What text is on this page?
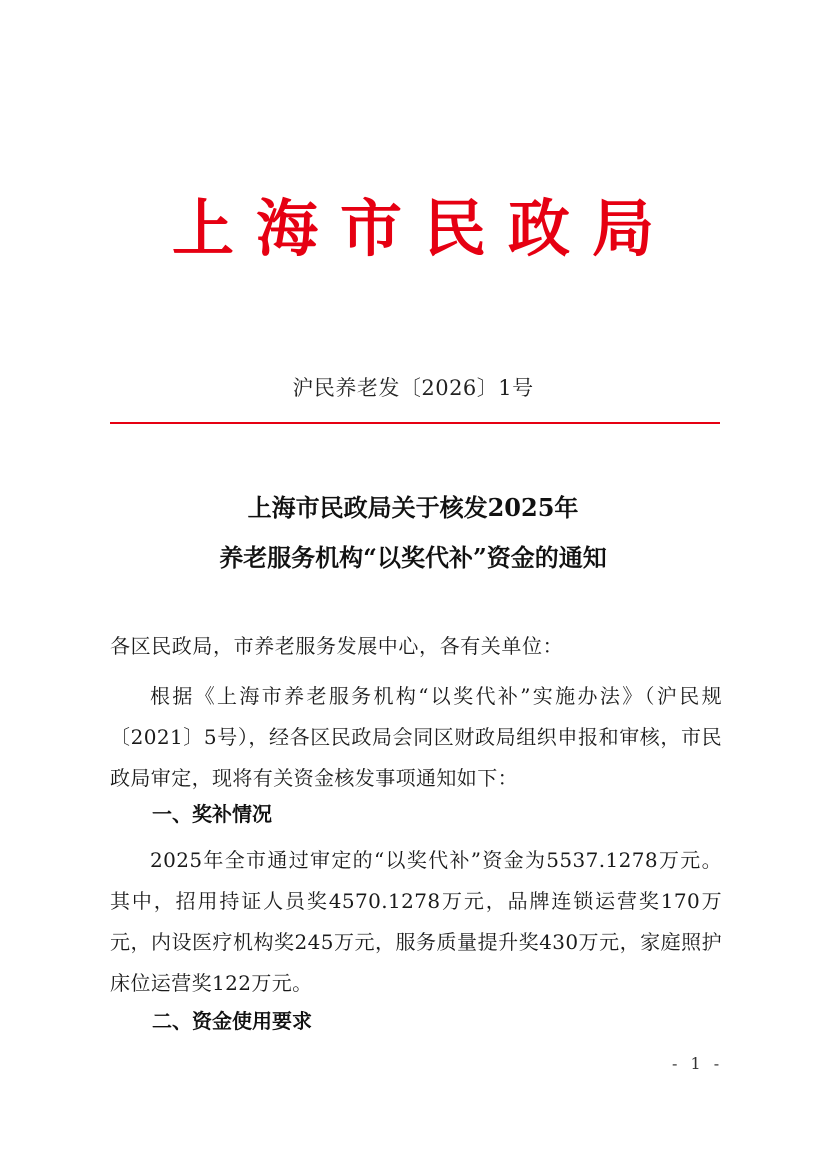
上海市民政局
沪民养老发〔2026〕1号
上海市民政局关于核发2025年
养老服务机构“以奖代补”资金的通知
各区民政局，市养老服务发展中心，各有关单位：
根据《上海市养老服务机构“以奖代补”实施办法》（沪民规〔2021〕5号），经各区民政局会同区财政局组织申报和审核，市民政局审定，现将有关资金核发事项通知如下：
一、奖补情况
2025年全市通过审定的“以奖代补”资金为5537.1278万元。其中，招用持证人员奖4570.1278万元，品牌连锁运营奖170万元，内设医疗机构奖245万元，服务质量提升奖430万元，家庭照护床位运营奖122万元。
二、资金使用要求
- 1 -
